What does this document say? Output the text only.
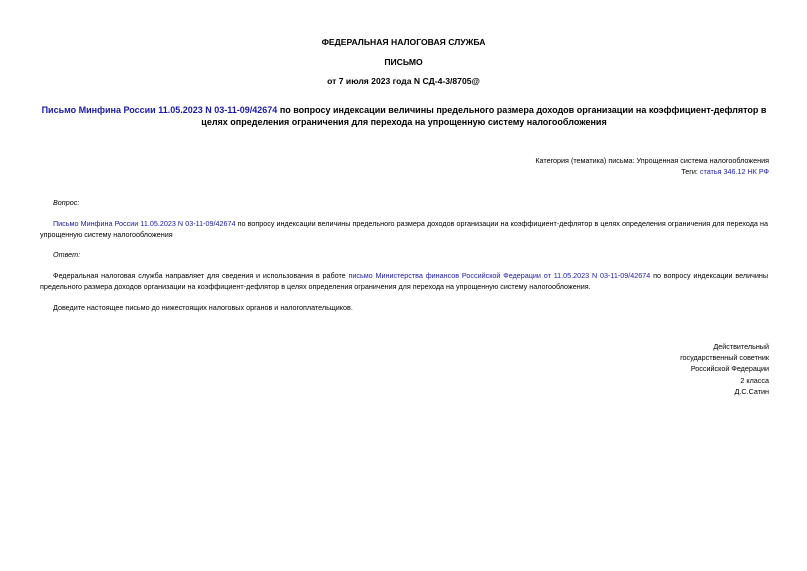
ФЕДЕРАЛЬНАЯ НАЛОГОВАЯ СЛУЖБА
ПИСЬМО
от 7 июля 2023 года N СД-4-3/8705@
Письмо Минфина России 11.05.2023 N 03-11-09/42674 по вопросу индексации величины предельного размера доходов организации на коэффициент-дефлятор в целях определения ограничения для перехода на упрощенную систему налогообложения
Категория (тематика) письма: Упрощенная система налогообложения
Теги: статья 346.12 НК РФ
Вопрос:
Письмо Минфина России 11.05.2023 N 03-11-09/42674 по вопросу индексации величины предельного размера доходов организации на коэффициент-дефлятор в целях определения ограничения для перехода на упрощенную систему налогообложения
Ответ:
Федеральная налоговая служба направляет для сведения и использования в работе письмо Министерства финансов Российской Федерации от 11.05.2023 N 03-11-09/42674 по вопросу индексации величины предельного размера доходов организации на коэффициент-дефлятор в целях определения ограничения для перехода на упрощенную систему налогообложения.
Доведите настоящее письмо до нижестоящих налоговых органов и налогоплательщиков.
Действительный
государственный советник
Российской Федерации
2 класса
Д.С.Сатин
